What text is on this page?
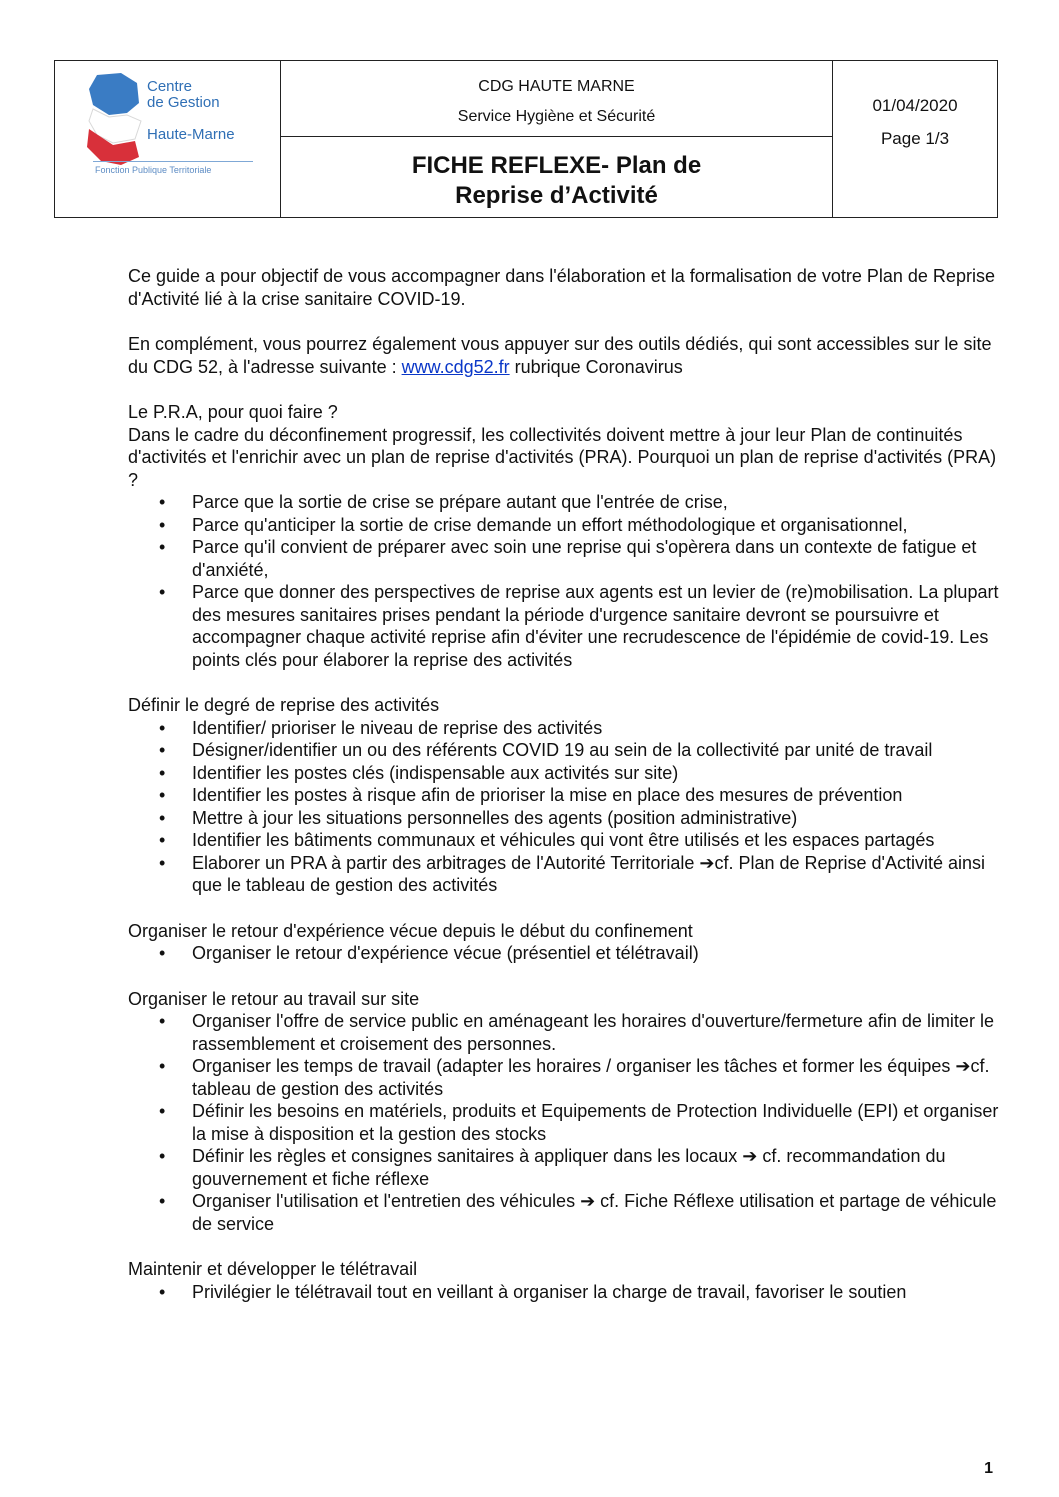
Centre
de Gestion
Haute-Marne
Fonction Publique Territoriale
CDG HAUTE MARNE
Service Hygiène et Sécurité
FICHE REFLEXE- Plan de
Reprise d’Activité
01/04/2020
Page 1/3

Ce guide a pour objectif de vous accompagner dans l'élaboration et la formalisation de votre Plan de Reprise d'Activité lié à la crise sanitaire COVID-19.

En complément, vous pourrez également vous appuyer sur des outils dédiés, qui sont accessibles sur le site du CDG 52, à l'adresse suivante : www.cdg52.fr rubrique Coronavirus

Le P.R.A, pour quoi faire ?

Dans le cadre du déconfinement progressif, les collectivités doivent mettre à jour leur Plan de continuités d'activités et l'enrichir avec un plan de reprise d'activités (PRA). Pourquoi un plan de reprise d'activités (PRA) ?

• Parce que la sortie de crise se prépare autant que l'entrée de crise,
• Parce qu'anticiper la sortie de crise demande un effort méthodologique et organisationnel,
• Parce qu'il convient de préparer avec soin une reprise qui s'opèrera dans un contexte de fatigue et d'anxiété,
• Parce que donner des perspectives de reprise aux agents est un levier de (re)mobilisation. La plupart des mesures sanitaires prises pendant la période d'urgence sanitaire devront se poursuivre et accompagner chaque activité reprise afin d'éviter une recrudescence de l'épidémie de covid-19. Les points clés pour élaborer la reprise des activités

Définir le degré de reprise des activités

• Identifier/ prioriser le niveau de reprise des activités
• Désigner/identifier un ou des référents COVID 19 au sein de la collectivité par unité de travail
• Identifier les postes clés (indispensable aux activités sur site)
• Identifier les postes à risque afin de prioriser la mise en place des mesures de prévention
• Mettre à jour les situations personnelles des agents (position administrative)
• Identifier les bâtiments communaux et véhicules qui vont être utilisés et les espaces partagés
• Elaborer un PRA à partir des arbitrages de l'Autorité Territoriale ➔cf. Plan de Reprise d'Activité ainsi que le tableau de gestion des activités

Organiser le retour d'expérience vécue depuis le début du confinement

• Organiser le retour d'expérience vécue (présentiel et télétravail)

Organiser le retour au travail sur site

• Organiser l'offre de service public en aménageant les horaires d'ouverture/fermeture afin de limiter le rassemblement et croisement des personnes.
• Organiser les temps de travail (adapter les horaires / organiser les tâches et former les équipes ➔cf. tableau de gestion des activités
• Définir les besoins en matériels, produits et Equipements de Protection Individuelle (EPI) et organiser la mise à disposition et la gestion des stocks
• Définir les règles et consignes sanitaires à appliquer dans les locaux ➔ cf. recommandation du gouvernement et fiche réflexe
• Organiser l'utilisation et l'entretien des véhicules ➔ cf. Fiche Réflexe utilisation et partage de véhicule de service

Maintenir et développer le télétravail

• Privilégier le télétravail tout en veillant à organiser la charge de travail, favoriser le soutien
1
